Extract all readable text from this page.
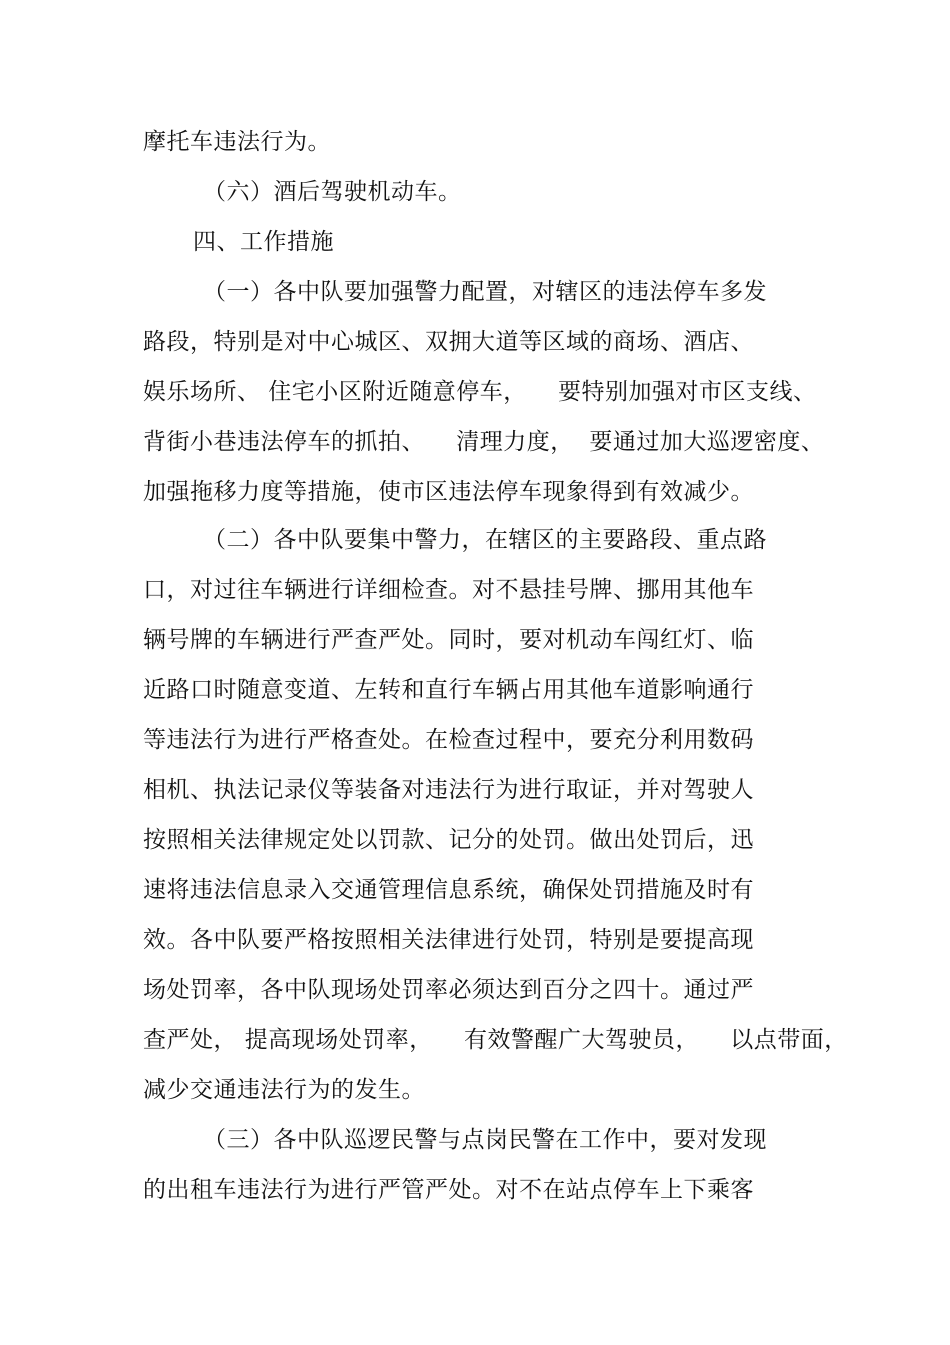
摩托车违法行为。

（六）酒后驾驶机动车。

四、工作措施

（一）各中队要加强警力配置，对辖区的违法停车多发

路段，特别是对中心城区、双拥大道等区域的商场、酒店、

娱乐场所、 住宅小区附近随意停车，    要特别加强对市区支线、

背街小巷违法停车的抓拍、    清理力度，  要通过加大巡逻密度、

加强拖移力度等措施，使市区违法停车现象得到有效减少。

（二）各中队要集中警力，在辖区的主要路段、重点路

口，对过往车辆进行详细检查。对不悬挂号牌、挪用其他车

辆号牌的车辆进行严查严处。同时，要对机动车闯红灯、临

近路口时随意变道、左转和直行车辆占用其他车道影响通行

等违法行为进行严格查处。在检查过程中，要充分利用数码

相机、执法记录仪等装备对违法行为进行取证，并对驾驶人

按照相关法律规定处以罚款、记分的处罚。做出处罚后，迅

速将违法信息录入交通管理信息系统，确保处罚措施及时有

效。各中队要严格按照相关法律进行处罚，特别是要提高现

场处罚率，各中队现场处罚率必须达到百分之四十。通过严

查严处， 提高现场处罚率，    有效警醒广大驾驶员，    以点带面，

减少交通违法行为的发生。

（三）各中队巡逻民警与点岗民警在工作中，要对发现

的出租车违法行为进行严管严处。对不在站点停车上下乘客
